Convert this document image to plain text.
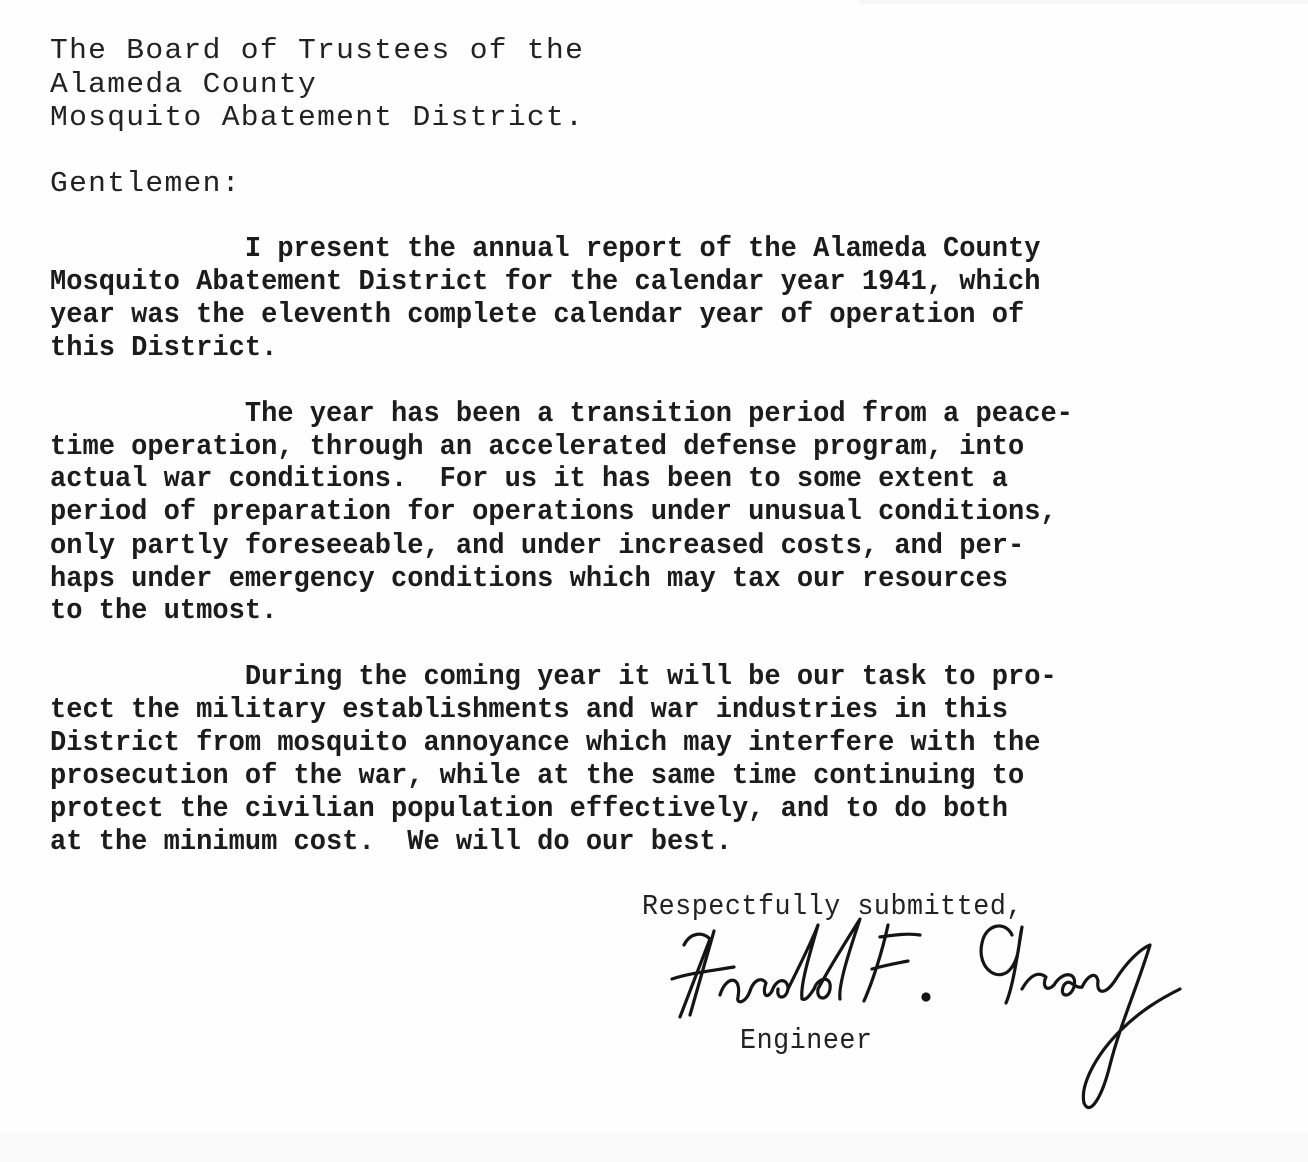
The Board of Trustees of the
Alameda County
Mosquito Abatement District.
Gentlemen:
I present the annual report of the Alameda County
Mosquito Abatement District for the calendar year 1941, which
year was the eleventh complete calendar year of operation of
this District.
The year has been a transition period from a peace-
time operation, through an accelerated defense program, into
actual war conditions.  For us it has been to some extent a
period of preparation for operations under unusual conditions,
only partly foreseeable, and under increased costs, and per-
haps under emergency conditions which may tax our resources
to the utmost.
During the coming year it will be our task to pro-
tect the military establishments and war industries in this
District from mosquito annoyance which may interfere with the
prosecution of the war, while at the same time continuing to
protect the civilian population effectively, and to do both
at the minimum cost.  We will do our best.
Respectfully submitted,
Engineer
